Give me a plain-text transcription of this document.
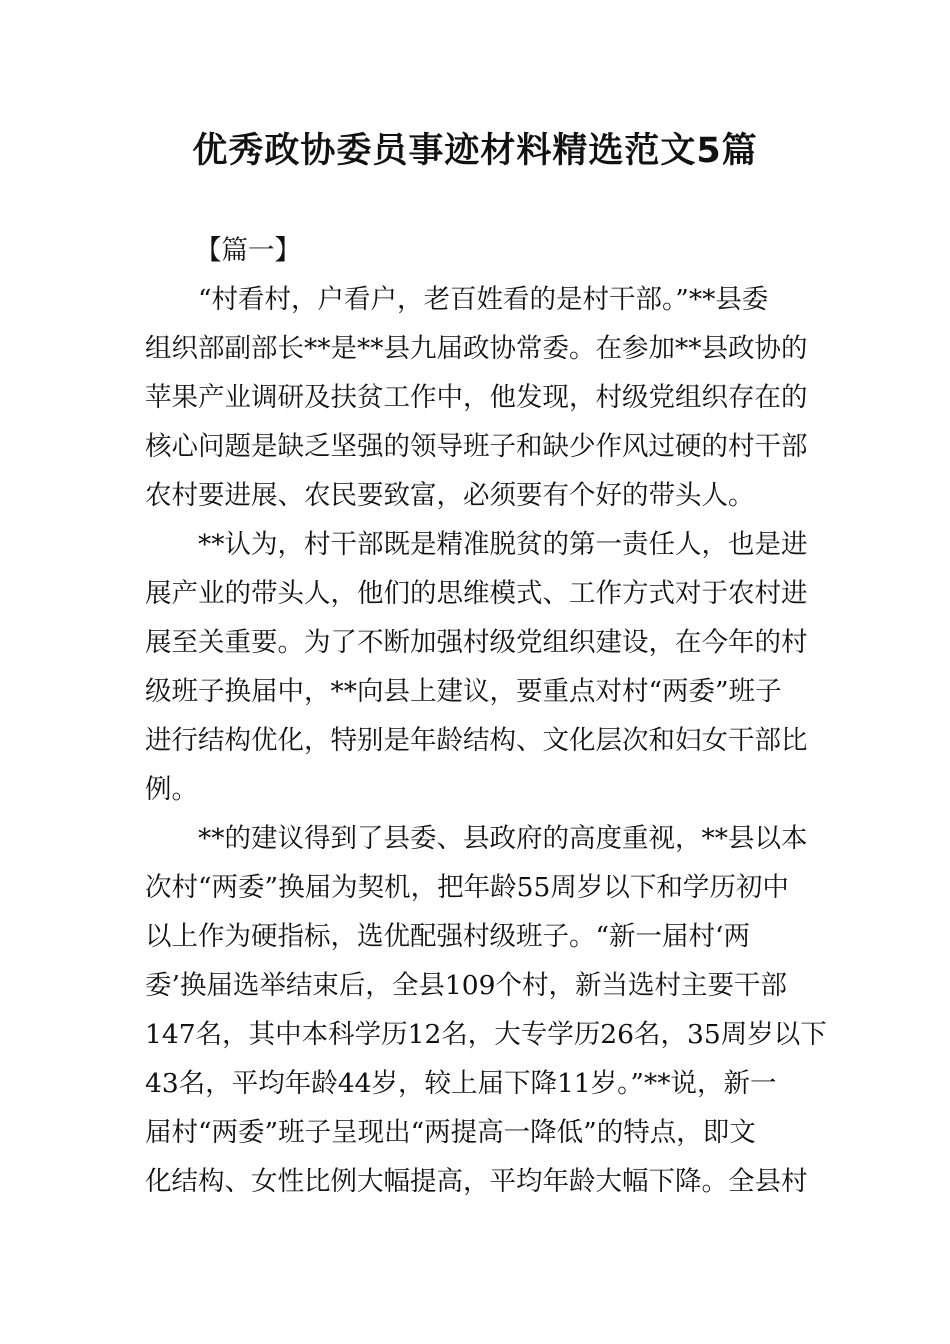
优秀政协委员事迹材料精选范文5篇
【篇一】
“村看村，户看户，老百姓看的是村干部。”**县委
组织部副部长**是**县九届政协常委。在参加**县政协的
苹果产业调研及扶贫工作中，他发现，村级党组织存在的
核心问题是缺乏坚强的领导班子和缺少作风过硬的村干部
农村要进展、农民要致富，必须要有个好的带头人。
**认为，村干部既是精准脱贫的第一责任人，也是进
展产业的带头人，他们的思维模式、工作方式对于农村进
展至关重要。为了不断加强村级党组织建设，在今年的村
级班子换届中，**向县上建议，要重点对村“两委”班子
进行结构优化，特别是年龄结构、文化层次和妇女干部比
例。
**的建议得到了县委、县政府的高度重视，**县以本
次村“两委”换届为契机，把年龄55周岁以下和学历初中
以上作为硬指标，选优配强村级班子。“新一届村‘两
委’换届选举结束后，全县109个村，新当选村主要干部
147名，其中本科学历12名，大专学历26名，35周岁以下
43名，平均年龄44岁，较上届下降11岁。”**说，新一
届村“两委”班子呈现出“两提高一降低”的特点，即文
化结构、女性比例大幅提高，平均年龄大幅下降。全县村
